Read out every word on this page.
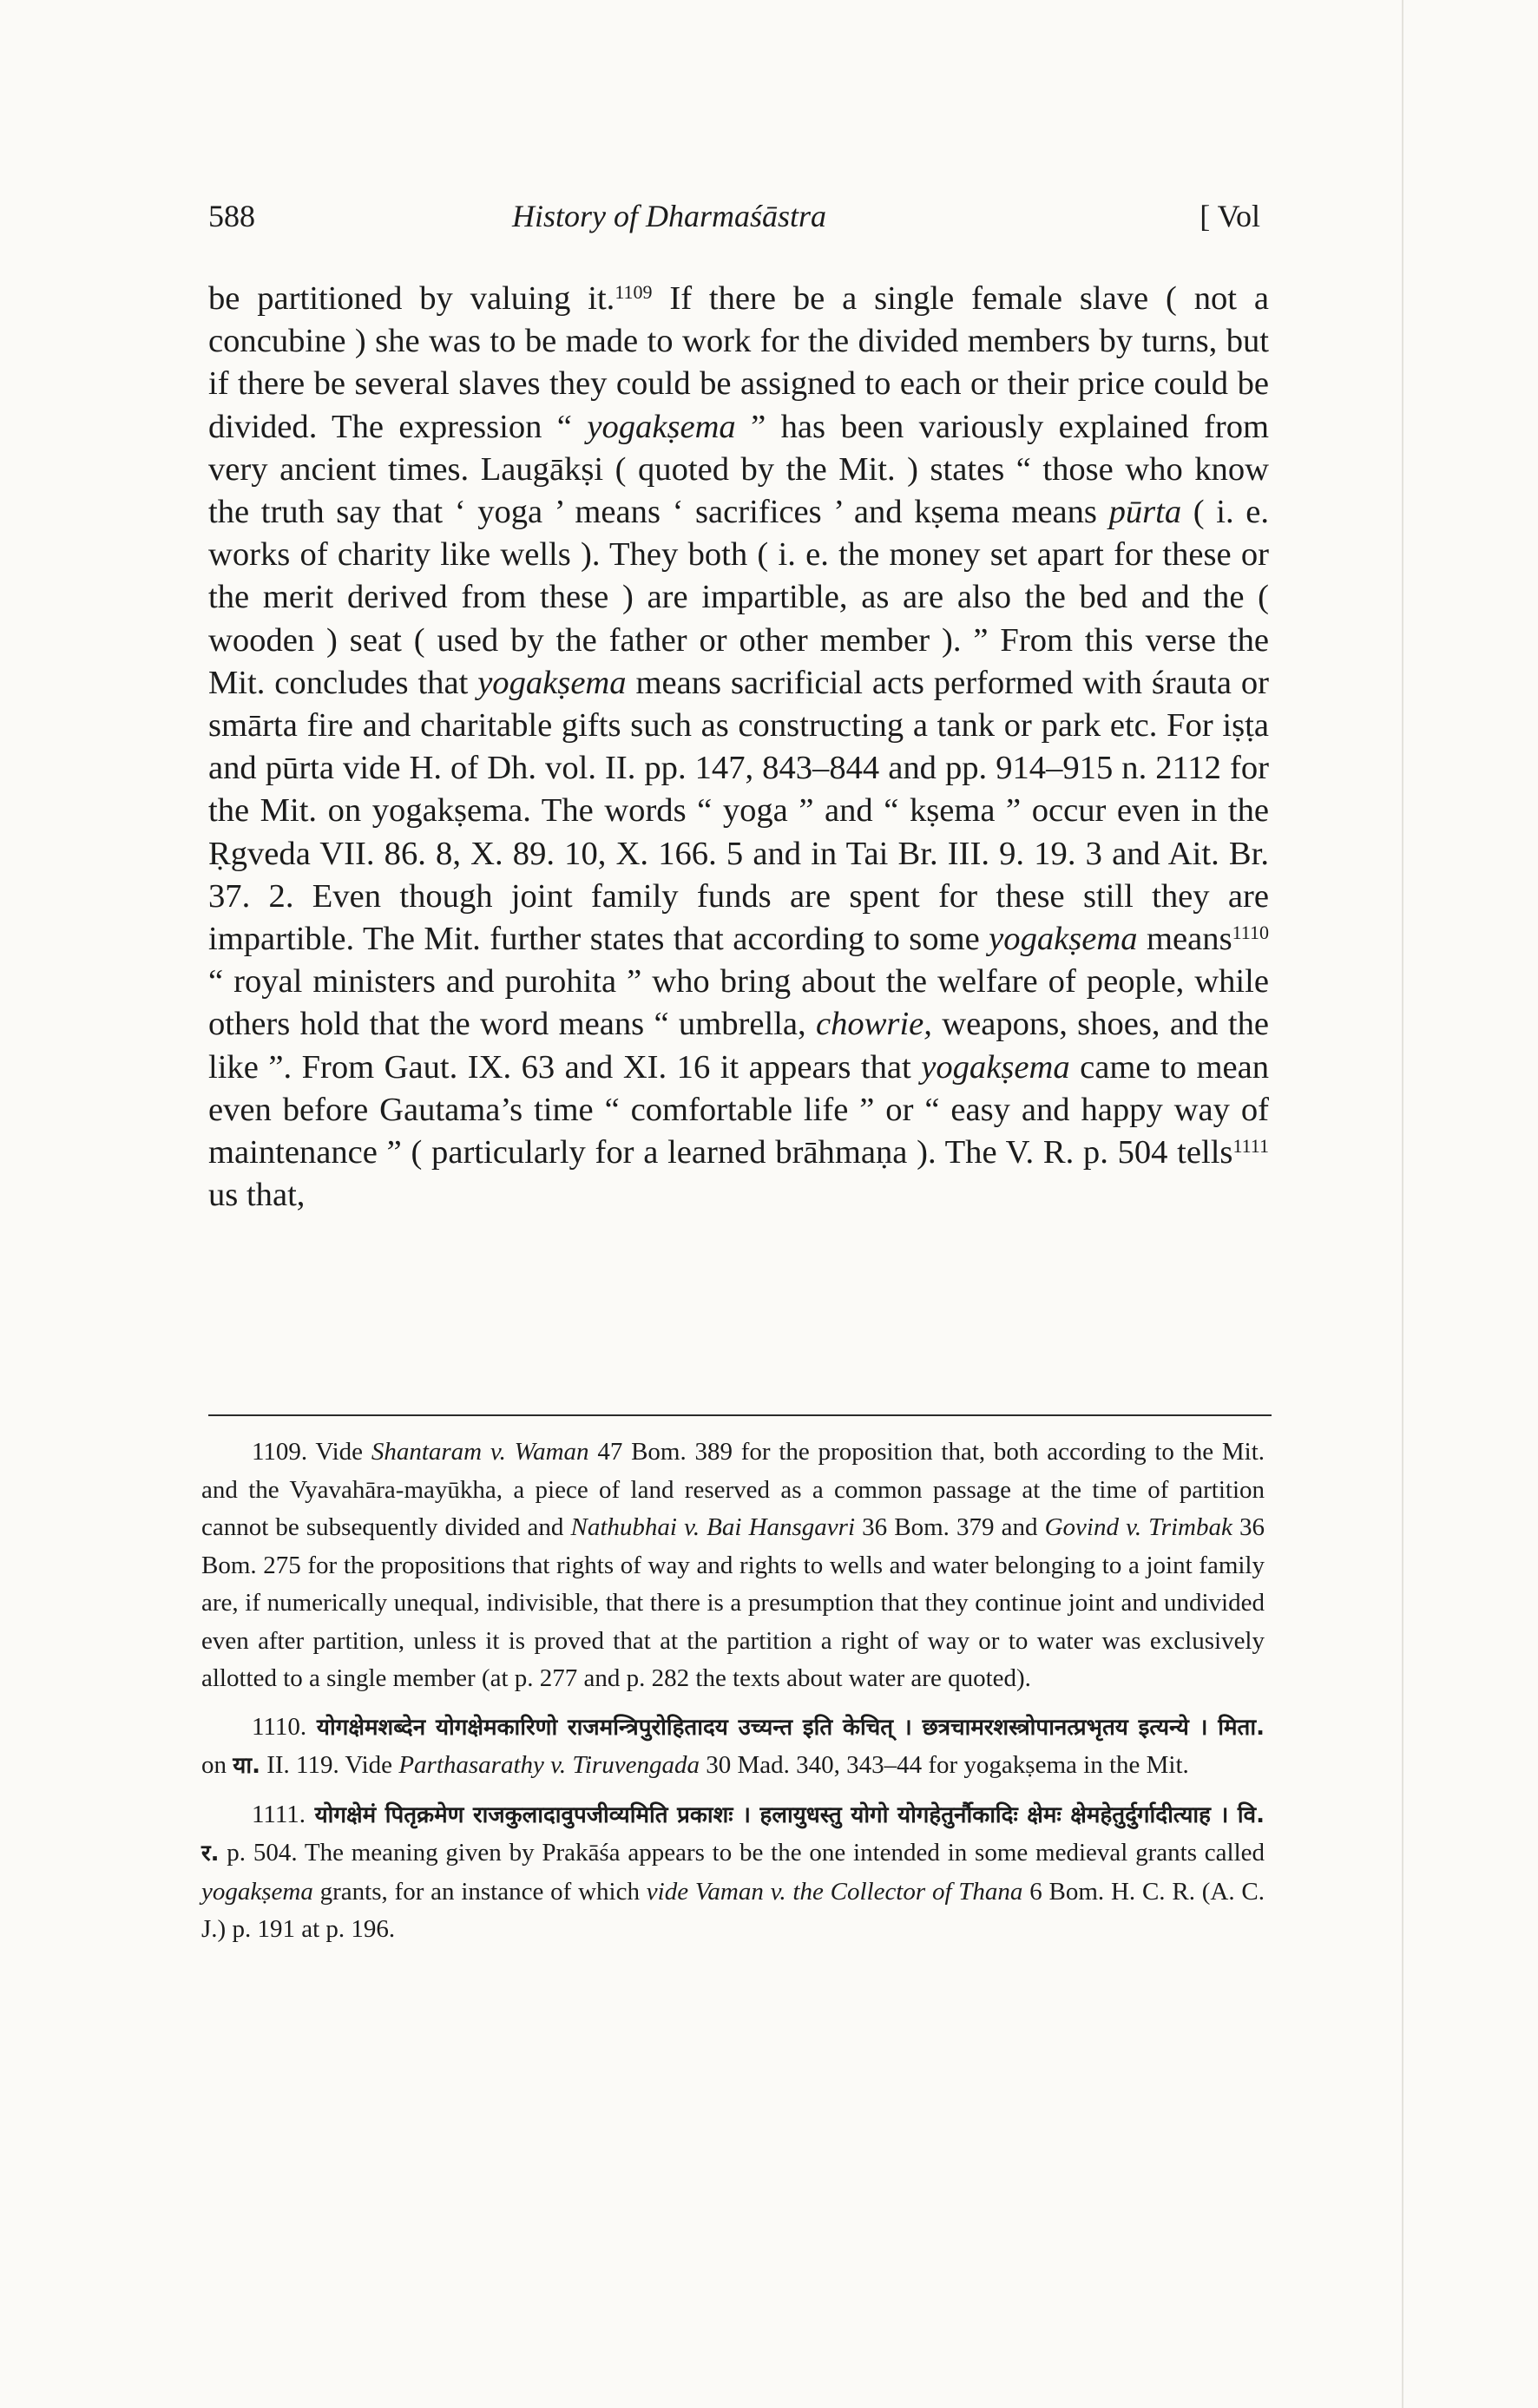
588	History of Dharmaśāstra	[ Vol

be partitioned by valuing it.$^{1109}$ If there be a single female slave ( not a concubine ) she was to be made to work for the divided members by turns, but if there be several slaves they could be assigned to each or their price could be divided. The expression “ yogakṣema ” has been variously explained from very ancient times. Laugākṣi ( quoted by the Mit. ) states “ those who know the truth say that ‘ yoga ’ means ‘ sacrifices ’ and kṣema means pūrta ( i. e. works of charity like wells ). They both ( i. e. the money set apart for these or the merit derived from these ) are impartible, as are also the bed and the ( wooden ) seat ( used by the father or other member ). ” From this verse the Mit. concludes that yogakṣema means sacrificial acts performed with śrauta or smārta fire and charitable gifts such as constructing a tank or park etc. For iṣṭa and pūrta vide H. of Dh. vol. II. pp. 147, 843–844 and pp. 914–915 n. 2112 for the Mit. on yogakṣema. The words “ yoga ” and “ kṣema ” occur even in the Ṛgveda VII. 86. 8, X. 89. 10, X. 166. 5 and in Tai Br. III. 9. 19. 3 and Ait. Br. 37. 2. Even though joint family funds are spent for these still they are impartible. The Mit. further states that according to some yogakṣema means$^{1110}$ “ royal ministers and purohita ” who bring about the welfare of people, while others hold that the word means “ umbrella, chowrie, weapons, shoes, and the like ”. From Gaut. IX. 63 and XI. 16 it appears that yogakṣema came to mean even before Gautama’s time “ comfortable life ” or “ easy and happy way of maintenance ” ( particularly for a learned brāhmaṇa ). The V. R. p. 504 tells$^{1111}$ us that,

1109. Vide Shantaram v. Waman 47 Bom. 389 for the proposition that, both according to the Mit. and the Vyavahāra-mayūkha, a piece of land reserved as a common passage at the time of partition cannot be subsequently divided and Nathubhai v. Bai Hansgavri 36 Bom. 379 and Govind v. Trimbak 36 Bom. 275 for the propositions that rights of way and rights to wells and water belonging to a joint family are, if numerically unequal, indivisible, that there is a presumption that they continue joint and undivided even after partition, unless it is proved that at the partition a right of way or to water was exclusively allotted to a single member (at p. 277 and p. 282 the texts about water are quoted).

1110. योगक्षेमशब्देन योगक्षेमकारिणो राजमन्त्रिपुरोहितादय उच्यन्त इति केचित् । छत्रचामरशस्त्रोपानत्प्रभृतय इत्यन्ये । मिता. on या. II. 119. Vide Parthasarathy v. Tiruvengada 30 Mad. 340, 343–44 for yogakṣema in the Mit.

1111. योगक्षेमं पितृक्रमेण राजकुलादावुपजीव्यमिति प्रकाशः । हलायुधस्तु योगो योगहेतुर्नौकादिः क्षेमः क्षेमहेतुर्दुर्गादीत्याह । वि. र. p. 504. The meaning given by Prakāśa appears to be the one intended in some medieval grants called yogakṣema grants, for an instance of which vide Vaman v. the Collector of Thana 6 Bom. H. C. R. (A. C. J.) p. 191 at p. 196.
